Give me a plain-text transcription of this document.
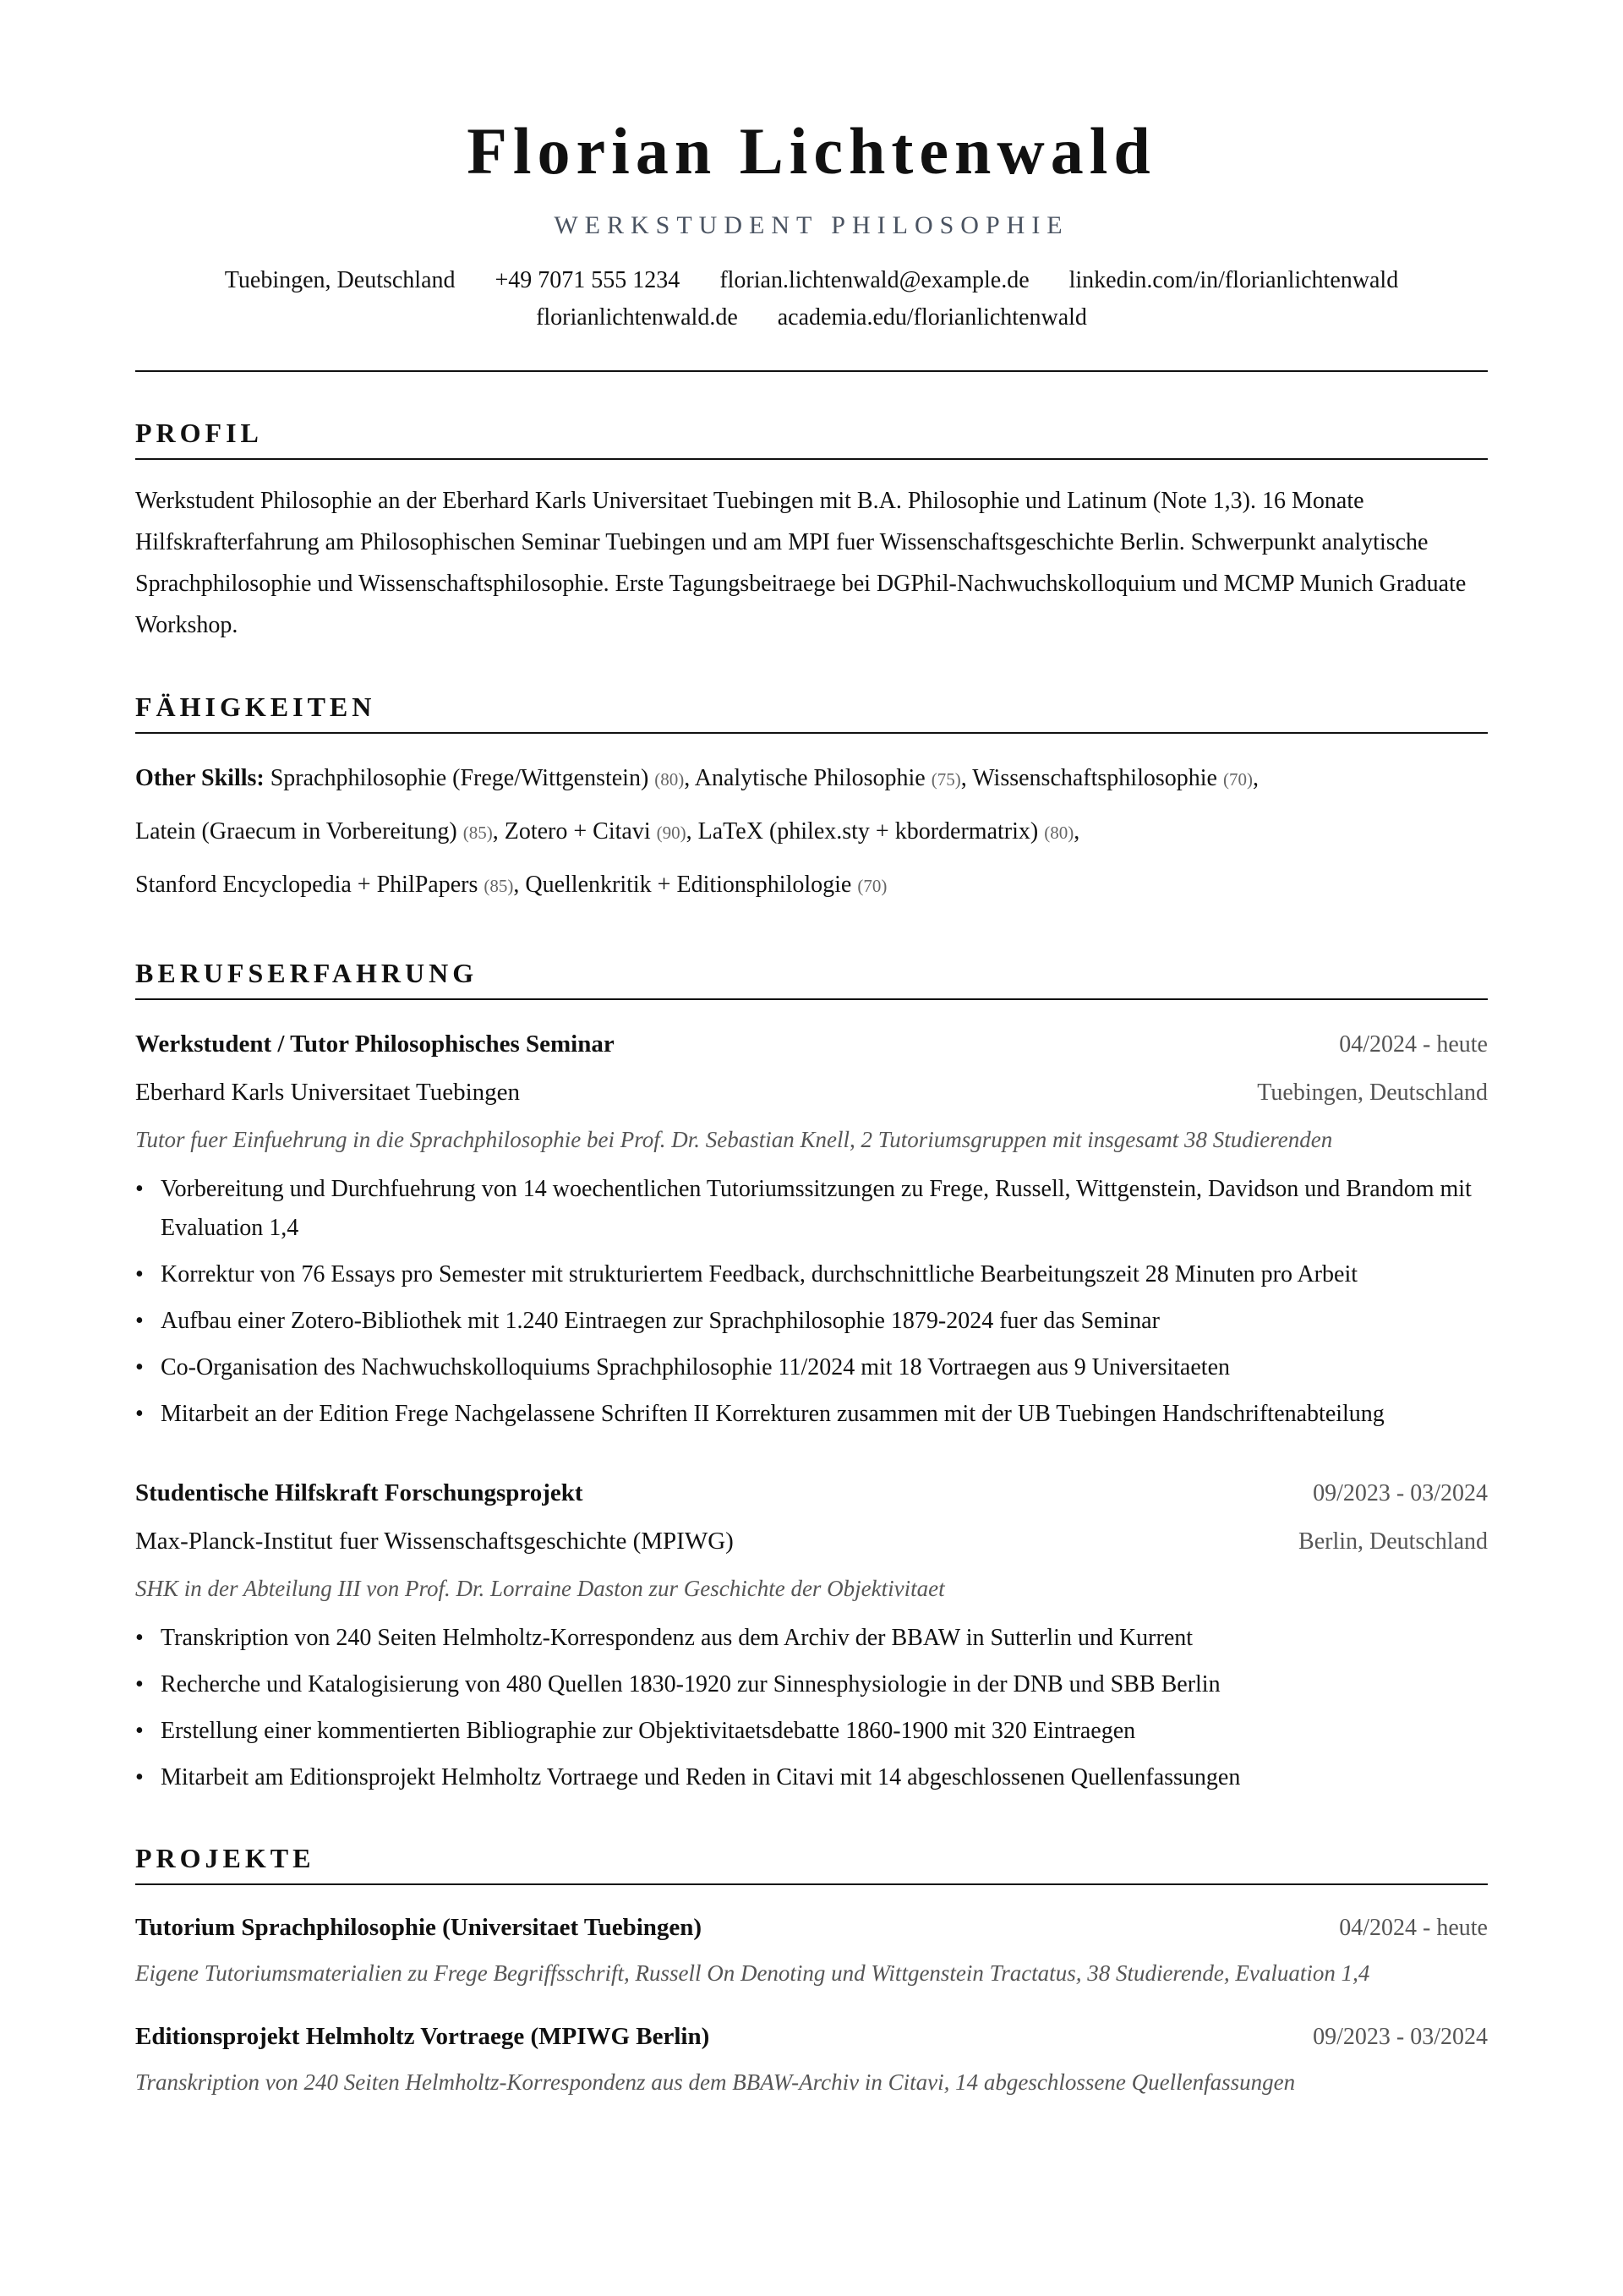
Florian Lichtenwald
WERKSTUDENT PHILOSOPHIE
Tuebingen, Deutschland +49 7071 555 1234 florian.lichtenwald@example.de linkedin.com/in/florianlichtenwald
florianlichtenwald.de academia.edu/florianlichtenwald
PROFIL
Werkstudent Philosophie an der Eberhard Karls Universitaet Tuebingen mit B.A. Philosophie und Latinum (Note 1,3). 16 Monate Hilfskrafterfahrung am Philosophischen Seminar Tuebingen und am MPI fuer Wissenschaftsgeschichte Berlin. Schwerpunkt analytische Sprachphilosophie und Wissenschaftsphilosophie. Erste Tagungsbeitraege bei DGPhil-Nachwuchskolloquium und MCMP Munich Graduate Workshop.
FÄHIGKEITEN
Other Skills: Sprachphilosophie (Frege/Wittgenstein) (80), Analytische Philosophie (75), Wissenschaftsphilosophie (70),
Latein (Graecum in Vorbereitung) (85), Zotero + Citavi (90), LaTeX (philex.sty + kbordermatrix) (80),
Stanford Encyclopedia + PhilPapers (85), Quellenkritik + Editionsphilologie (70)
BERUFSERFAHRUNG
Werkstudent / Tutor Philosophisches Seminar	04/2024 - heute
Eberhard Karls Universitaet Tuebingen	Tuebingen, Deutschland
Tutor fuer Einfuehrung in die Sprachphilosophie bei Prof. Dr. Sebastian Knell, 2 Tutoriumsgruppen mit insgesamt 38 Studierenden
• Vorbereitung und Durchfuehrung von 14 woechentlichen Tutoriumssitzungen zu Frege, Russell, Wittgenstein, Davidson und Brandom mit Evaluation 1,4
• Korrektur von 76 Essays pro Semester mit strukturiertem Feedback, durchschnittliche Bearbeitungszeit 28 Minuten pro Arbeit
• Aufbau einer Zotero-Bibliothek mit 1.240 Eintraegen zur Sprachphilosophie 1879-2024 fuer das Seminar
• Co-Organisation des Nachwuchskolloquiums Sprachphilosophie 11/2024 mit 18 Vortraegen aus 9 Universitaeten
• Mitarbeit an der Edition Frege Nachgelassene Schriften II Korrekturen zusammen mit der UB Tuebingen Handschriftenabteilung
Studentische Hilfskraft Forschungsprojekt	09/2023 - 03/2024
Max-Planck-Institut fuer Wissenschaftsgeschichte (MPIWG)	Berlin, Deutschland
SHK in der Abteilung III von Prof. Dr. Lorraine Daston zur Geschichte der Objektivitaet
• Transkription von 240 Seiten Helmholtz-Korrespondenz aus dem Archiv der BBAW in Sutterlin und Kurrent
• Recherche und Katalogisierung von 480 Quellen 1830-1920 zur Sinnesphysiologie in der DNB und SBB Berlin
• Erstellung einer kommentierten Bibliographie zur Objektivitaetsdebatte 1860-1900 mit 320 Eintraegen
• Mitarbeit am Editionsprojekt Helmholtz Vortraege und Reden in Citavi mit 14 abgeschlossenen Quellenfassungen
PROJEKTE
Tutorium Sprachphilosophie (Universitaet Tuebingen)	04/2024 - heute
Eigene Tutoriumsmaterialien zu Frege Begriffsschrift, Russell On Denoting und Wittgenstein Tractatus, 38 Studierende, Evaluation 1,4
Editionsprojekt Helmholtz Vortraege (MPIWG Berlin)	09/2023 - 03/2024
Transkription von 240 Seiten Helmholtz-Korrespondenz aus dem BBAW-Archiv in Citavi, 14 abgeschlossene Quellenfassungen
